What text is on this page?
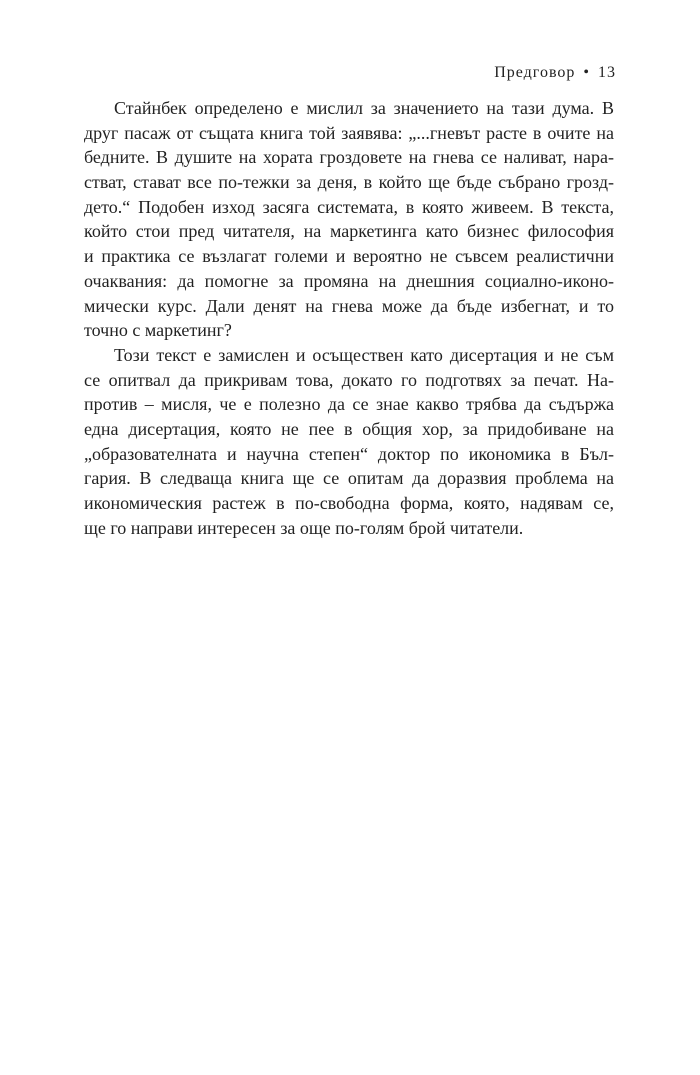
Предговор • 13
Стайнбек определено е мислил за значението на тази дума. В
друг пасаж от същата книга той заявява: „...гневът расте в очите на
бедните. В душите на хората гроздовете на гнева се наливат, нара-
стват, стават все по-тежки за деня, в който ще бъде събрано грозд-
дето.“ Подобен изход засяга системата, в която живеем. В текста,
който стои пред читателя, на маркетинга като бизнес философия
и практика се възлагат големи и вероятно не съвсем реалистични
очаквания: да помогне за промяна на днешния социално-иконо-
мически курс. Дали денят на гнева може да бъде избегнат, и то
точно с маркетинг?
Този текст е замислен и осъществен като дисертация и не съм
се опитвал да прикривам това, докато го подготвях за печат. На-
против – мисля, че е полезно да се знае какво трябва да съдържа
една дисертация, която не пее в общия хор, за придобиване на
„образователната и научна степен“ доктор по икономика в Бъл-
гария. В следваща книга ще се опитам да доразвия проблема на
икономическия растеж в по-свободна форма, която, надявам се,
ще го направи интересен за още по-голям брой читатели.
